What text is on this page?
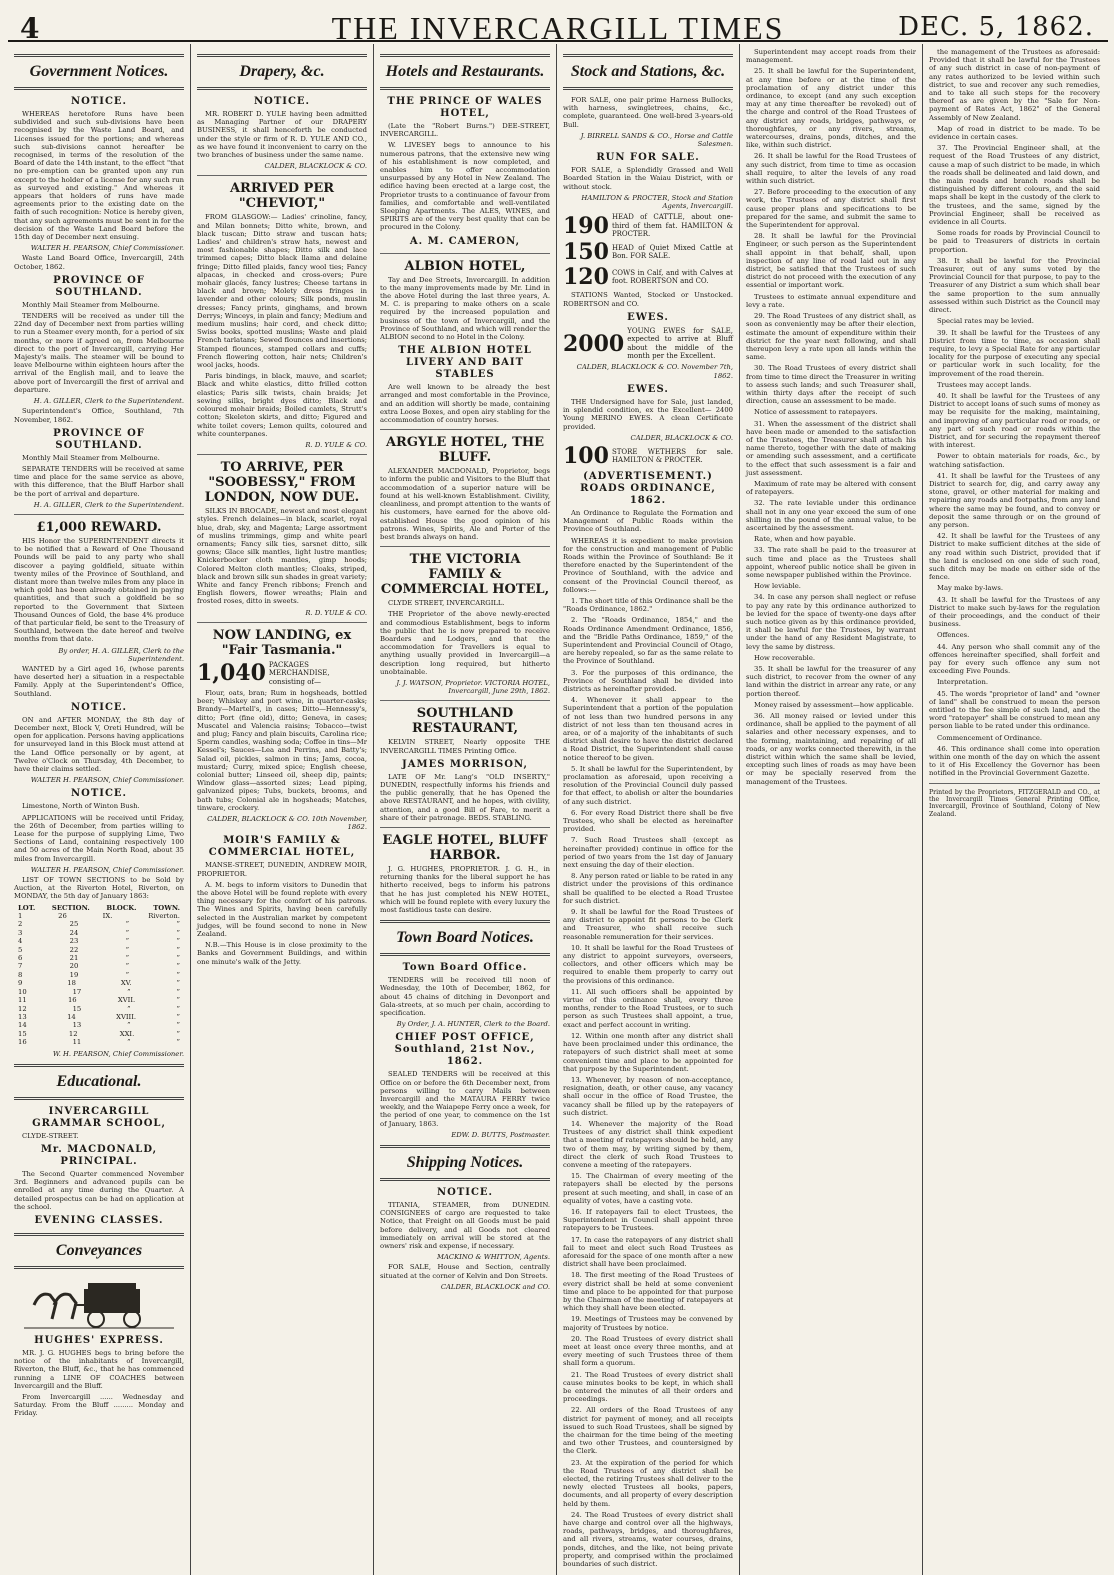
4	THE INVERCARGILL TIMES	DEC. 5, 1862.
Government Notices.
NOTICE.

WHEREAS heretofore Runs have been subdivided and such sub-divisions have been recognised by the Waste Land Board, and Licenses issued for the portions; and whereas such sub-divisions cannot hereafter be recognised, in terms of the resolution of the Board of date the 14th instant, to the effect "that no pre-emption can be granted upon any run except to the holder of a license for any such run as surveyed and existing." And whereas it appears that holders of runs have made agreements prior to the existing date on the faith of such recognition: Notice is hereby given, that any such agreements must be sent in for the decision of the Waste Land Board before the 15th day of December next ensuing.

WALTER H. PEARSON, Chief Commissioner.

Waste Land Board Office, Invercargill, 24th October, 1862.

PROVINCE OF SOUTHLAND.

Monthly Mail Steamer from Melbourne.

TENDERS will be received as under till the 22nd day of December next from parties willing to run a Steamer every month, for a period of six months, or more if agreed on, from Melbourne direct to the port of Invercargill, carrying Her Majesty's mails. The steamer will be bound to leave Melbourne within eighteen hours after the arrival of the English mail, and to leave the above port of Invercargill the first of arrival and departure.

H. A. GILLER, Clerk to the Superintendent.

Superintendent's Office, Southland, 7th November, 1862.

PROVINCE OF SOUTHLAND.

Monthly Mail Steamer from Melbourne.

SEPARATE TENDERS will be received at same time and place for the same service as above, with this difference, that the Bluff Harbor shall be the port of arrival and departure.

H. A. GILLER, Clerk to the Superintendent.
£1,000 REWARD.

HIS Honor the SUPERINTENDENT directs it to be notified that a Reward of One Thousand Pounds will be paid to any party who shall discover a paying goldfield, situate within twenty miles of the Province of Southland, and distant more than twelve miles from any place in which gold has been already obtained in paying quantities, and that such a goldfield be so reported to the Government that Sixteen Thousand Ounces of Gold, the base 4% produce of that particular field, be sent to the Treasury of Southland, between the date hereof and twelve months from that date.

By order, H. A. GILLER, Clerk to the Superintendent.

WANTED by a Girl aged 16, (whose parents have deserted her) a situation in a respectable Family. Apply at the Superintendent's Office, Southland.

NOTICE.

ON and AFTER MONDAY, the 8th day of December next, Block V, Oreti Hundred, will be open for application. Persons having applications for unsurveyed land in this Block must attend at the Land Office personally or by agent, at Twelve o'Clock on Thursday, 4th December, to have their claims settled.

WALTER H. PEARSON, Chief Commissioner.
NOTICE.

Limestone, North of Winton Bush.

APPLICATIONS will be received until Friday, the 26th of December, from parties willing to Lease for the purpose of supplying Lime, Two Sections of Land, containing respectively 100 and 50 acres of the Main North Road, about 35 miles from Invercargill.

WALTER H. PEARSON, Chief Commissioner.

LIST OF TOWN SECTIONS to be Sold by Auction, at the Riverton Hotel, Riverton, on MONDAY, the 5th day of January 1863:

LOT. SECTION. BLOCK. TOWN.
1	26	IX.	Riverton.
2	25	”	”
3	24	”	”
4	23	”	”
5	22	”	”
6	21	”	”
7	20	”	”
8	19	”	”
9	18	XV.	”
10	17	”	”
11	16	XVII.	”
12	15	”	”
13	14	XVIII.	”
14	13	”	”
15	12	XXI.	”
16	11	”	”
W. H. PEARSON, Chief Commissioner.
Educational.
INVERCARGILL GRAMMAR SCHOOL,

CLYDE-STREET.

Mr. MACDONALD, PRINCIPAL.

The Second Quarter commenced November 3rd. Beginners and advanced pupils can be enrolled at any time during the Quarter. A detailed prospectus can be had on application at the school.

EVENING CLASSES.
Conveyances
HUGHES' EXPRESS.

MR. J. G. HUGHES begs to bring before the notice of the inhabitants of Invercargill, Riverton, the Bluff, &c., that he has commenced running a LINE OF COACHES between Invercargill and the Bluff.

From Invercargill ...... Wednesday and Saturday. From the Bluff ......... Monday and Friday.

Drapery, &c.
NOTICE.

MR. ROBERT D. YULE having been admitted as Managing Partner of our DRAPERY BUSINESS, it shall henceforth be conducted under the style or firm of R. D. YULE AND CO., as we have found it inconvenient to carry on the two branches of business under the same name.

CALDER, BLACKLOCK & CO.
ARRIVED PER "CHEVIOT,"

FROM GLASGOW:— Ladies' crinoline, fancy, and Milan bonnets; Ditto white, brown, and black tuscan; Ditto straw and tuscan hats; Ladies' and children's straw hats, newest and most fashionable shapes; Ditto silk and lace trimmed capes; Ditto black llama and delaine fringe; Ditto filled plaids, fancy wool ties; Fancy alpacas, in checked and cross-overs; Pure mohair glacés, fancy lustres; Cheese tartans in black and brown; Molety dress fringes in lavender and other colours; Silk ponds, muslin dresses; Fancy prints, ginghams, and brown Derrys; Winceys, in plain and fancy; Medium and medium muslins; hair cord, and check ditto; Swiss books, spotted muslins; Waste and plaid French tarlatans; Sewed flounces and insertions; Stamped flounces, stamped collars and cuffs; French flowering cotton, hair nets; Children's wool jacks, hoods.

Paris bindings, in black, mauve, and scarlet; Black and white elastics, ditto frilled cotton elastics; Paris silk twists, chain braids; Jet sewing silks, bright dyes ditto; Black and coloured mohair braids; Boiled camlets, Strutt's cotton; Skeleton skirts, and ditto; Figured and white toilet covers; Lemon quilts, coloured and white counterpanes.

R. D. YULE & CO.
TO ARRIVE, PER "SOOBESSY," FROM LONDON, NOW DUE.

SILKS IN BROCADE, newest and most elegant styles. French delaines—in black, scarlet, royal blue, drab, sky, and Magenta; Large assortment of muslins trimmings, gimp and white pearl ornaments; Fancy silk ties, sarsnet ditto, silk gowns; Glace silk mantles, light lustre mantles; Knickerbocker cloth mantles, gimp hoods; Colored Melton cloth mantles; Cloaks, striped, black and brown silk sun shades in great variety; White and fancy French ribbons; French and English flowers, flower wreaths; Plain and frosted roses, ditto in sweets.

R. D. YULE & CO.
NOW LANDING, ex "Fair Tasmania."
1,040 PACKAGES MERCHANDISE, consisting of—

Flour, oats, bran; Rum in hogsheads, bottled beer; Whiskey and port wine, in quarter-casks; Brandy—Martell's, in cases; Ditto—Hennessy's, ditto; Port (fine old), ditto; Geneva, in cases; Muscatel and Valencia raisins; Tobacco—twist and plug; Fancy and plain biscuits, Carolina rice; Sperm candles, washing soda; Coffee in tins—Mr Kessel's; Sauces—Lea and Perrins, and Batty's; Salad oil, pickles, salmon in tins; Jams, cocoa, mustard; Curry, mixed spice; English cheese, colonial butter; Linseed oil, sheep dip, paints; Window glass—assorted sizes; Lead piping, galvanized pipes; Tubs, buckets, brooms, and bath tubs; Colonial ale in hogsheads; Matches, tinware, crockery.

CALDER, BLACKLOCK & CO. 10th November, 1862.
MOIR'S FAMILY & COMMERCIAL HOTEL,

MANSE-STREET, DUNEDIN, ANDREW MOIR, PROPRIETOR.

A. M. begs to inform visitors to Dunedin that the above Hotel will be found replete with every thing necessary for the comfort of his patrons. The Wines and Spirits, having been carefully selected in the Australian market by competent judges, will be found second to none in New Zealand.

N.B.—This House is in close proximity to the Banks and Government Buildings, and within one minute's walk of the Jetty.

Hotels and Restaurants.
THE PRINCE OF WALES HOTEL,

(Late the "Robert Burns.") DEE-STREET, INVERCARGILL.

W. LIVESEY begs to announce to his numerous patrons, that the extensive new wing of his establishment is now completed, and enables him to offer accommodation unsurpassed by any Hotel in New Zealand. The edifice having been erected at a large cost, the Proprietor trusts to a continuance of favour from families, and comfortable and well-ventilated Sleeping Apartments. The ALES, WINES, and SPIRITS are of the very best quality that can be procured in the Colony.

A. M. CAMERON,
ALBION HOTEL,

Tay and Dee Streets, Invercargill. In addition to the many improvements made by Mr. Lind in the above Hotel during the last three years, A. M. C. is preparing to make others on a scale required by the increased population and business of the town of Invercargill, and the Province of Southland, and which will render the ALBION second to no Hotel in the Colony.

THE ALBION HOTEL LIVERY AND BAIT STABLES

Are well known to be already the best arranged and most comfortable in the Province, and an addition will shortly be made, containing extra Loose Boxes, and open airy stabling for the accommodation of country horses.

ARGYLE HOTEL, THE BLUFF.

ALEXANDER MACDONALD, Proprietor, begs to inform the public and Visitors to the Bluff that accommodation of a superior nature will be found at his well-known Establishment. Civility, cleanliness, and prompt attention to the wants of his customers, have earned for the above old-established House the good opinion of his patrons. Wines, Spirits, Ale and Porter of the best brands always on hand.

THE VICTORIA FAMILY & COMMERCIAL HOTEL,

CLYDE STREET, INVERCARGILL.

THE Proprietor of the above newly-erected and commodious Establishment, begs to inform the public that he is now prepared to receive Boarders and Lodgers, and that the accommodation for Travellers is equal to anything usually provided in Invercargill—a description long required, but hitherto unobtainable.

J. J. WATSON, Proprietor. VICTORIA HOTEL, Invercargill, June 29th, 1862.
SOUTHLAND RESTAURANT,

KELVIN STREET, Nearly opposite THE INVERCARGILL TIMES Printing Office.

JAMES MORRISON,

LATE OF Mr. Lang's "OLD INSERTY," DUNEDIN, respectfully informs his friends and the public generally, that he has Opened the above RESTAURANT, and he hopes, with civility, attention, and a good Bill of Fare, to merit a share of their patronage. BEDS. STABLING.

EAGLE HOTEL, BLUFF HARBOR.

J. G. HUGHES, PROPRIETOR. J. G. H., in returning thanks for the liberal support he has hitherto received, begs to inform his patrons that he has just completed his NEW HOTEL, which will be found replete with every luxury the most fastidious taste can desire.

Town Board Notices.
Town Board Office.

TENDERS will be received till noon of Wednesday, the 10th of December, 1862, for about 45 chains of ditching in Devonport and Gala-streets, at so much per chain, according to specification.

By Order, J. A. HUNTER, Clerk to the Board.
CHIEF POST OFFICE, Southland, 21st Nov., 1862.

SEALED TENDERS will be received at this Office on or before the 6th December next, from persons willing to carry Mails between Invercargill and the MATAURA FERRY twice weekly, and the Waiapepe Ferry once a week, for the period of one year, to commence on the 1st of January, 1863.

EDW. D. BUTTS, Postmaster.
Shipping Notices.
NOTICE.

TITANIA, STEAMER, from DUNEDIN. CONSIGNEES of cargo are requested to take Notice, that Freight on all Goods must be paid before delivery, and all Goods not cleared immediately on arrival will be stored at the owners' risk and expense, if necessary.

MACKINO & WHITTON, Agents.

FOR SALE, House and Section, centrally situated at the corner of Kelvin and Don Streets.

CALDER, BLACKLOCK and CO.
Stock and Stations, &c.

FOR SALE, one pair prime Harness Bullocks, with harness, swingletrees, chains, &c., complete, guaranteed. One well-bred 3-years-old Bull.

J. BIRRELL SANDS & CO., Horse and Cattle Salesmen.
RUN FOR SALE.

FOR SALE, a Splendidly Grassed and Well Boarded Station in the Waiau District, with or without stock.

HAMILTON & PROCTER, Stock and Station Agents, Invercargill.
190 HEAD of CATTLE, about one-third of them fat. HAMILTON & PROCTER.
150 HEAD of Quiet Mixed Cattle at Bon. FOR SALE.
120 COWS in Calf, and with Calves at foot. ROBERTSON and CO.

STATIONS Wanted, Stocked or Unstocked. ROBERTSON and CO.

EWES.
2000 YOUNG EWES for SALE, expected to arrive at Bluff about the middle of the month per the Excellent.
CALDER, BLACKLOCK & CO. November 7th, 1862.
EWES.

THE Undersigned have for Sale, just landed, in splendid condition, ex the Excellent— 2400 Young MERINO EWES. A clean Certificate provided.

CALDER, BLACKLOCK & CO.
100 STORE WETHERS for sale. HAMILTON & PROCTER.
(ADVERTISEMENT.) ROADS ORDINANCE, 1862.

An Ordinance to Regulate the Formation and Management of Public Roads within the Province of Southland.

WHEREAS it is expedient to make provision for the construction and management of Public Roads within the Province of Southland: Be it therefore enacted by the Superintendent of the Province of Southland, with the advice and consent of the Provincial Council thereof, as follows:—

1. The short title of this Ordinance shall be the "Roads Ordinance, 1862."

2. The "Roads Ordinance, 1854," and the Roads Ordinance Amendment Ordinance, 1856, and the "Bridle Paths Ordinance, 1859," of the Superintendent and Provincial Council of Otago, are hereby repealed, so far as the same relate to the Province of Southland.

3. For the purposes of this ordinance, the Province of Southland shall be divided into districts as hereinafter provided.

4. Whenever it shall appear to the Superintendent that a portion of the population of not less than two hundred persons in any district of not less than ten thousand acres in area, or of a majority of the inhabitants of such district shall desire to have the district declared a Road District, the Superintendent shall cause notice thereof to be given.

5. It shall be lawful for the Superintendent, by proclamation as aforesaid, upon receiving a resolution of the Provincial Council duly passed for that effect, to abolish or alter the boundaries of any such district.

6. For every Road District there shall be five Trustees, who shall be elected as hereinafter provided.

7. Such Road Trustees shall (except as hereinafter provided) continue in office for the period of two years from the 1st day of January next ensuing the day of their election.

8. Any person rated or liable to be rated in any district under the provisions of this ordinance shall be qualified to be elected a Road Trustee for such district.

9. It shall be lawful for the Road Trustees of any district to appoint fit persons to be Clerk and Treasurer, who shall receive such reasonable remuneration for their services.

10. It shall be lawful for the Road Trustees of any district to appoint surveyors, overseers, collectors, and other officers which may be required to enable them properly to carry out the provisions of this ordinance.

11. All such officers shall be appointed by virtue of this ordinance shall, every three months, render to the Road Trustees, or to such person as such Trustees shall appoint, a true, exact and perfect account in writing.

12. Within one month after any district shall have been proclaimed under this ordinance, the ratepayers of such district shall meet at some convenient time and place to be appointed for that purpose by the Superintendent.

13. Whenever, by reason of non-acceptance, resignation, death, or other cause, any vacancy shall occur in the office of Road Trustee, the vacancy shall be filled up by the ratepayers of such district.

14. Whenever the majority of the Road Trustees of any district shall think expedient that a meeting of ratepayers should be held, any two of them may, by writing signed by them, direct the clerk of such Road Trustees to convene a meeting of the ratepayers.

15. The Chairman of every meeting of the ratepayers shall be elected by the persons present at such meeting, and shall, in case of an equality of votes, have a casting vote.

16. If ratepayers fail to elect Trustees, the Superintendent in Council shall appoint three ratepayers to be Trustees.

17. In case the ratepayers of any district shall fail to meet and elect such Road Trustees as aforesaid for the space of one month after a new district shall have been proclaimed.

18. The first meeting of the Road Trustees of every district shall be held at some convenient time and place to be appointed for that purpose by the Chairman of the meeting of ratepayers at which they shall have been elected.

19. Meetings of Trustees may be convened by majority of Trustees by notice.

20. The Road Trustees of every district shall meet at least once every three months, and at every meeting of such Trustees three of them shall form a quorum.

21. The Road Trustees of every district shall cause minutes books to be kept, in which shall be entered the minutes of all their orders and proceedings.

22. All orders of the Road Trustees of any district for payment of money, and all receipts issued to such Road Trustees, shall be signed by the chairman for the time being of the meeting and two other Trustees, and countersigned by the Clerk.

23. At the expiration of the period for which the Road Trustees of any district shall be elected, the retiring Trustees shall deliver to the newly elected Trustees all books, papers, documents, and all property of every description held by them.

24. The Road Trustees of every district shall have charge and control over all the highways, roads, pathways, bridges, and thoroughfares, and all rivers, streams, water courses, drains, ponds, ditches, and the like, not being private property, and comprised within the proclaimed boundaries of such district.

Superintendent may accept roads from their management.

25. It shall be lawful for the Superintendent, at any time before or at the time of the proclamation of any district under this ordinance, to except (and any such exception may at any time thereafter be revoked) out of the charge and control of the Road Trustees of any district any roads, bridges, pathways, or thoroughfares, or any rivers, streams, watercourses, drains, ponds, ditches, and the like, within such district.

26. It shall be lawful for the Road Trustees of any such district, from time to time as occasion shall require, to alter the levels of any road within such district.

27. Before proceeding to the execution of any work, the Trustees of any district shall first cause proper plans and specifications to be prepared for the same, and submit the same to the Superintendent for approval.

28. It shall be lawful for the Provincial Engineer, or such person as the Superintendent shall appoint in that behalf, shall, upon inspection of any line of road laid out in any district, be satisfied that the Trustees of such district do not proceed with the execution of any essential or important work.

Trustees to estimate annual expenditure and levy a rate.

29. The Road Trustees of any district shall, as soon as conveniently may be after their election, estimate the amount of expenditure within their district for the year next following, and shall thereupon levy a rate upon all lands within the same.

30. The Road Trustees of every district shall from time to time direct the Treasurer in writing to assess such lands; and such Treasurer shall, within thirty days after the receipt of such direction, cause an assessment to be made.

Notice of assessment to ratepayers.

31. When the assessment of the district shall have been made or amended to the satisfaction of the Trustees, the Treasurer shall attach his name thereto, together with the date of making or amending such assessment, and a certificate to the effect that such assessment is a fair and just assessment.

Maximum of rate may be altered with consent of ratepayers.

32. The rate leviable under this ordinance shall not in any one year exceed the sum of one shilling in the pound of the annual value, to be ascertained by the assessment.

Rate, when and how payable.

33. The rate shall be paid to the treasurer at such time and place as the Trustees shall appoint, whereof public notice shall be given in some newspaper published within the Province.

How leviable.

34. In case any person shall neglect or refuse to pay any rate by this ordinance authorized to be levied for the space of twenty-one days after such notice given as by this ordinance provided, it shall be lawful for the Trustees, by warrant under the hand of any Resident Magistrate, to levy the same by distress.

How recoverable.

35. It shall be lawful for the treasurer of any such district, to recover from the owner of any land within the district in arrear any rate, or any portion thereof.

Money raised by assessment—how applicable.

36. All money raised or levied under this ordinance, shall be applied to the payment of all salaries and other necessary expenses, and to the forming, maintaining, and repairing of all roads, or any works connected therewith, in the district within which the same shall be levied, excepting such lines of roads as may have been or may be specially reserved from the management of the Trustees.

the management of the Trustees as aforesaid: Provided that it shall be lawful for the Trustees of any such district in case of non-payment of any rates authorized to be levied within such district, to sue and recover any such remedies, and to take all such steps for the recovery thereof as are given by the "Sale for Non-payment of Rates Act, 1862" of the General Assembly of New Zealand.

Map of road in district to be made. To be evidence in certain cases.

37. The Provincial Engineer shall, at the request of the Road Trustees of any district, cause a map of such district to be made, in which the roads shall be delineated and laid down, and the main roads and branch roads shall be distinguished by different colours, and the said maps shall be kept in the custody of the clerk to the trustees, and the same, signed by the Provincial Engineer, shall be received as evidence in all Courts.

Some roads for roads by Provincial Council to be paid to Treasurers of districts in certain proportion.

38. It shall be lawful for the Provincial Treasurer, out of any sums voted by the Provincial Council for that purpose, to pay to the Treasurer of any District a sum which shall bear the same proportion to the sum annually assessed within such District as the Council may direct.

Special rates may be levied.

39. It shall be lawful for the Trustees of any District from time to time, as occasion shall require, to levy a Special Rate for any particular locality for the purpose of executing any special or particular work in such locality, for the improvement of the road therein.

Trustees may accept lands.

40. It shall be lawful for the Trustees of any District to accept loans of such sums of money as may be requisite for the making, maintaining, and improving of any particular road or roads, or any part of such road or roads within the District, and for securing the repayment thereof with interest.

Power to obtain materials for roads, &c., by watching satisfaction.

41. It shall be lawful for the Trustees of any District to search for, dig, and carry away any stone, gravel, or other material for making and repairing any roads and footpaths, from any land where the same may be found, and to convey or deposit the same through or on the ground of any person.

42. It shall be lawful for the Trustees of any District to make sufficient ditches at the side of any road within such District, provided that if the land is enclosed on one side of such road, such ditch may be made on either side of the fence.

May make by-laws.

43. It shall be lawful for the Trustees of any District to make such by-laws for the regulation of their proceedings, and the conduct of their business.

Offences.

44. Any person who shall commit any of the offences hereinafter specified, shall forfeit and pay for every such offence any sum not exceeding Five Pounds.

Interpretation.

45. The words "proprietor of land" and "owner of land" shall be construed to mean the person entitled to the fee simple of such land, and the word "ratepayer" shall be construed to mean any person liable to be rated under this ordinance.

Commencement of Ordinance.

46. This ordinance shall come into operation within one month of the day on which the assent to it of His Excellency the Governor has been notified in the Provincial Government Gazette.

Printed by the Proprietors, FITZGERALD and CO., at the Invercargill Times General Printing Office, Invercargill, Province of Southland, Colony of New Zealand.
